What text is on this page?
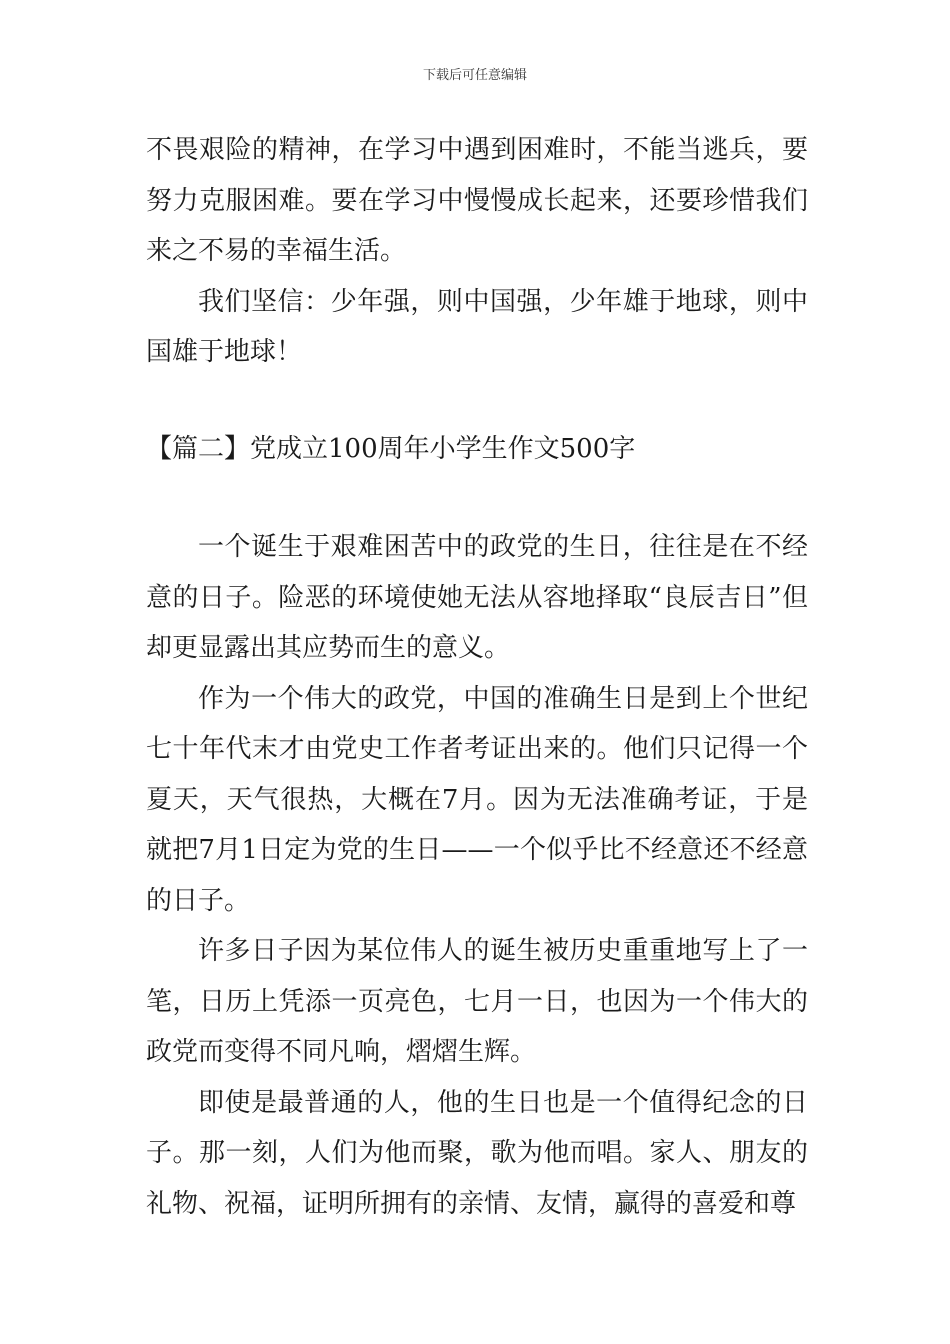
下载后可任意编辑

不畏艰险的精神，在学习中遇到困难时，不能当逃兵，要努力克服困难。要在学习中慢慢成长起来，还要珍惜我们来之不易的幸福生活。

我们坚信：少年强，则中国强，少年雄于地球，则中国雄于地球！

【篇二】党成立100周年小学生作文500字

一个诞生于艰难困苦中的政党的生日，往往是在不经意的日子。险恶的环境使她无法从容地择取“良辰吉日”但却更显露出其应势而生的意义。

作为一个伟大的政党，中国的准确生日是到上个世纪七十年代末才由党史工作者考证出来的。他们只记得一个夏天，天气很热，大概在7月。因为无法准确考证，于是就把7月1日定为党的生日——一个似乎比不经意还不经意的日子。

许多日子因为某位伟人的诞生被历史重重地写上了一笔，日历上凭添一页亮色，七月一日，也因为一个伟大的政党而变得不同凡响，熠熠生辉。

即使是最普通的人，他的生日也是一个值得纪念的日子。那一刻，人们为他而聚，歌为他而唱。家人、朋友的礼物、祝福，证明所拥有的亲情、友情，赢得的喜爱和尊
